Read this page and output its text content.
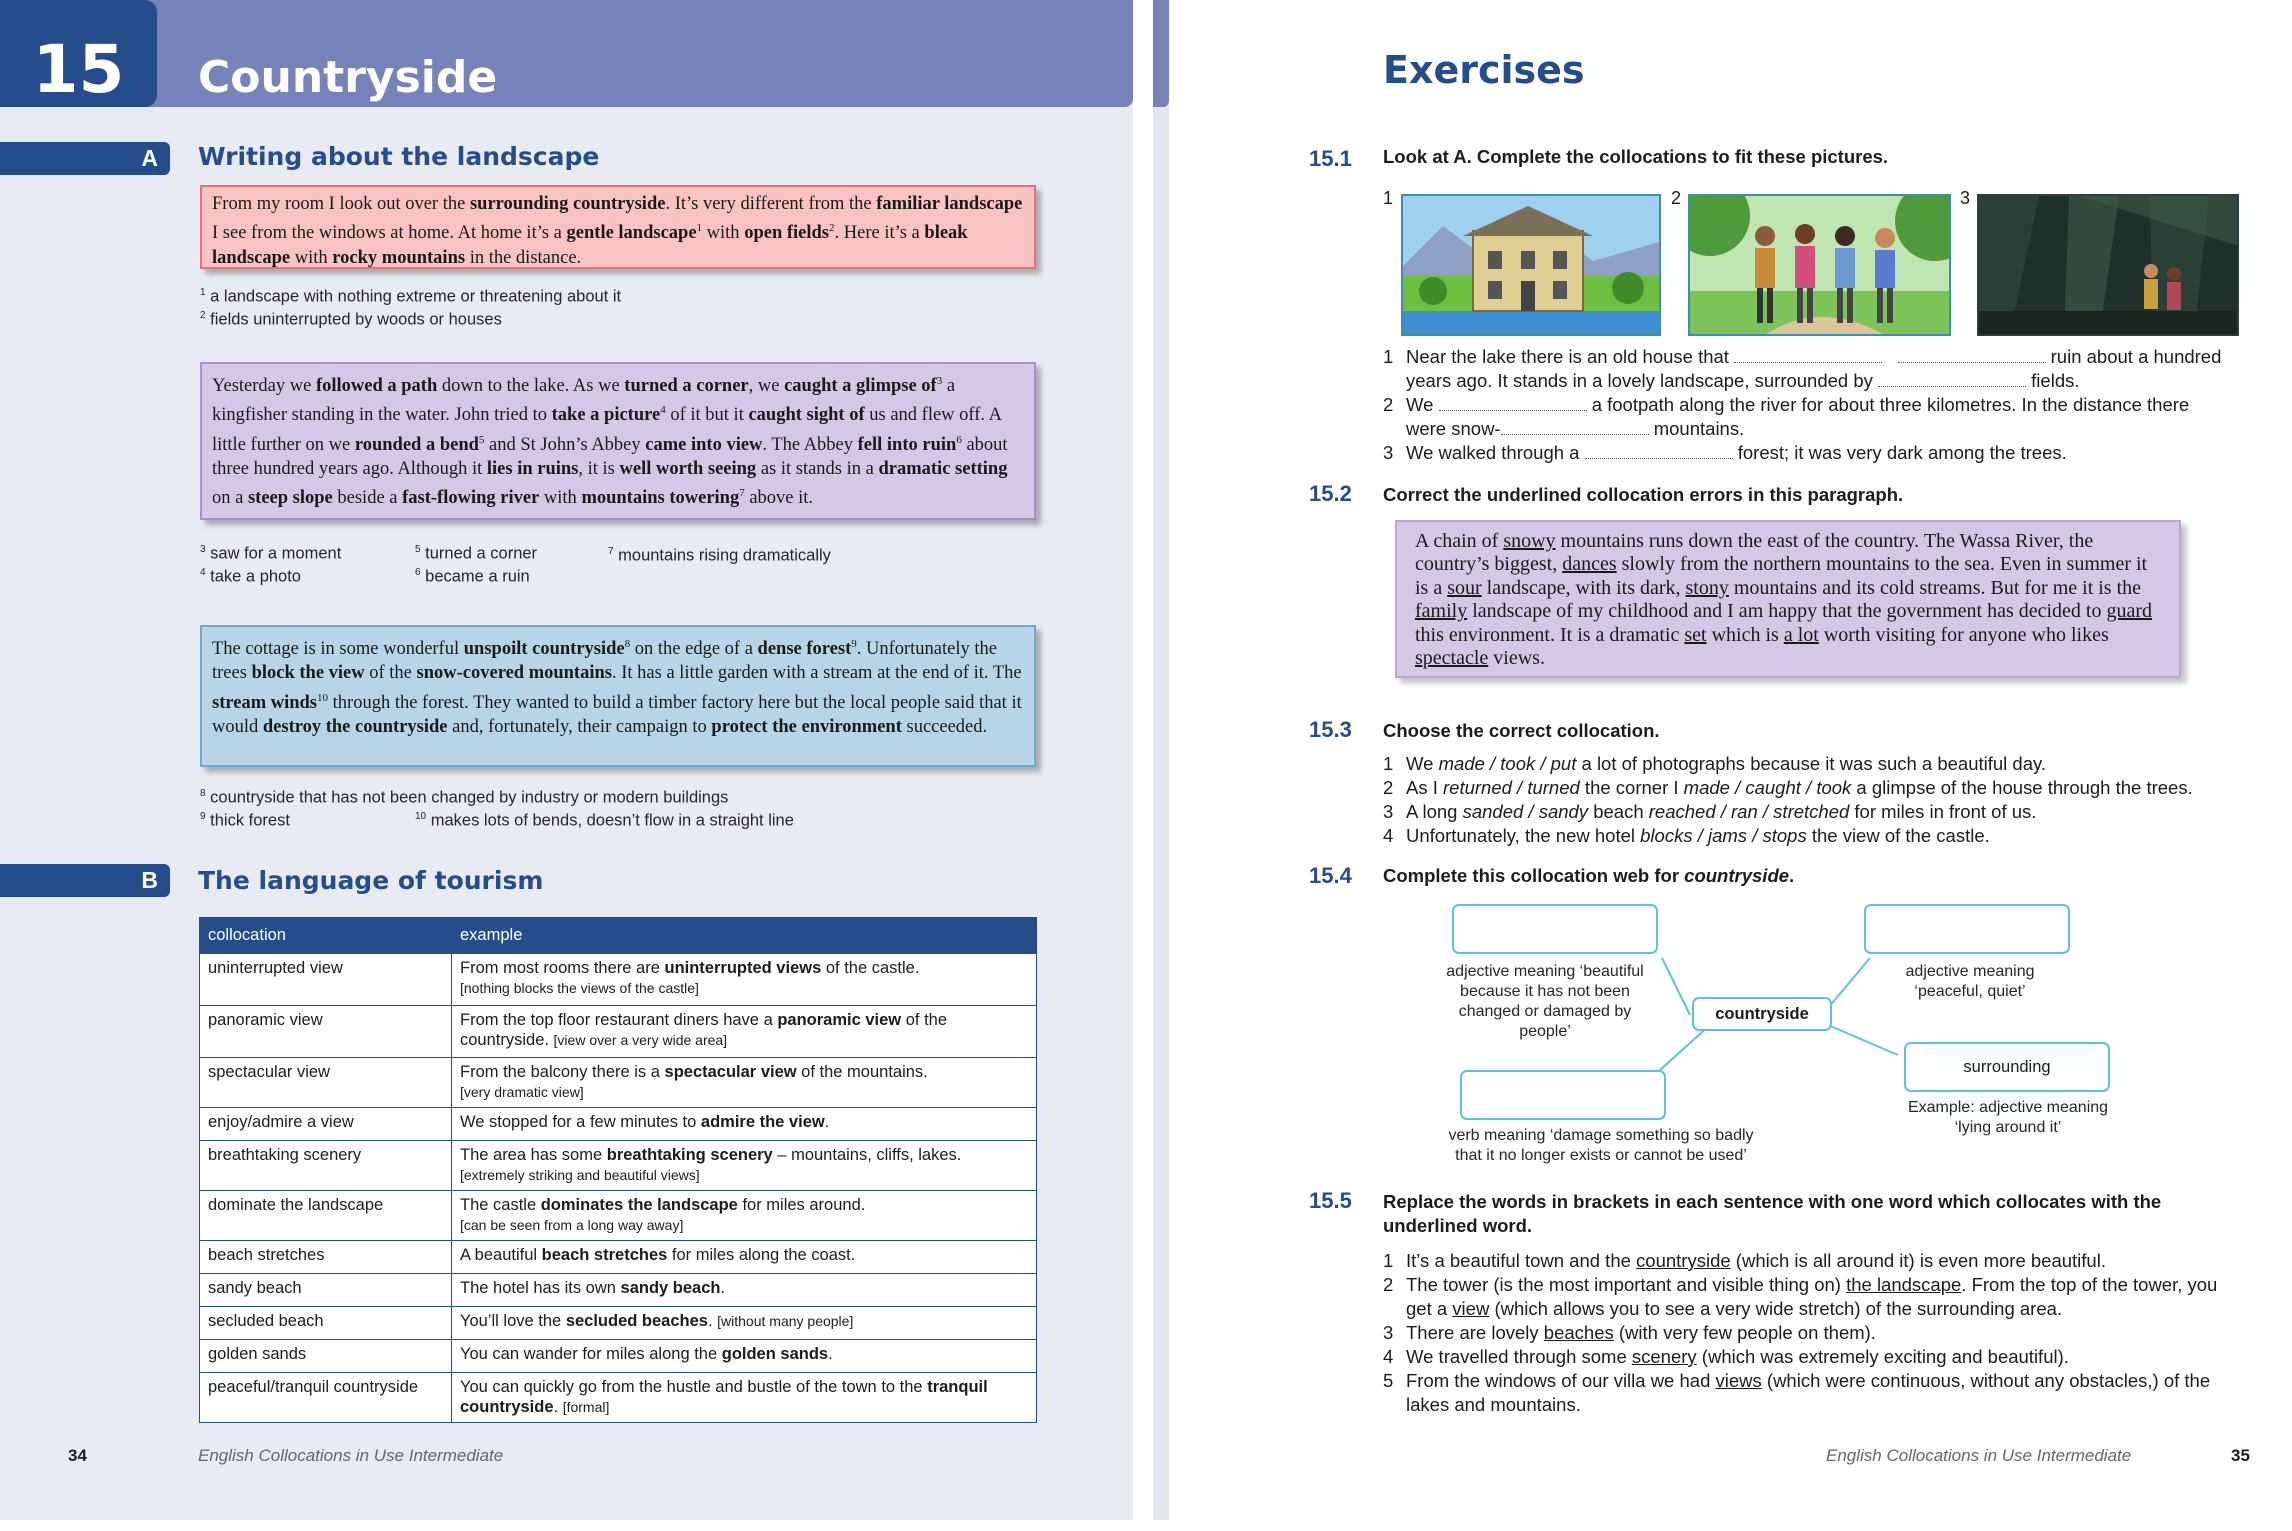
15	Countryside
A	Writing about the landscape
From my room I look out over the surrounding countryside. It’s very different from the familiar landscape I see from the windows at home. At home it’s a gentle landscape$^1$ with open fields$^2$. Here it’s a bleak landscape with rocky mountains in the distance.
$^1$ a landscape with nothing extreme or threatening about it
$^2$ fields uninterrupted by woods or houses
Yesterday we followed a path down to the lake. As we turned a corner, we caught a glimpse $of^3$ a kingfisher standing in the water. John tried to take a picture$^4$ of it but it caught sight of us and flew off. A little further on we rounded a bend$^5$ and St John’s Abbey came into view. The Abbey fell into ruin$^6$ about three hundred years ago. Although it lies in ruins, it is well worth seeing as it stands in a dramatic setting on a steep slope beside a fast-flowing river with mountains towering$^7$ above it.
$^3$ saw for a moment
$^4$ take a photo
$^5$ turned a corner
$^6$ became a ruin
$^7$ mountains rising dramatically
The cottage is in some wonderful unspoilt countryside$^8$ on the edge of a dense forest$^9$. Unfortunately the trees block the view of the snow-covered mountains. It has a little garden with a stream at the end of it. The stream winds$^{10}$ through the forest. They wanted to build a timber factory here but the local people said that it would destroy the countryside and, fortunately, their campaign to protect the environment succeeded.
$^8$ countryside that has not been changed by industry or modern buildings
$^9$ thick forest	$^{10}$ makes lots of bends, doesn’t flow in a straight line
B	The language of tourism
collocation	example
uninterrupted view	From most rooms there are uninterrupted views of the castle.
[nothing blocks the views of the castle]
panoramic view	From the top floor restaurant diners have a panoramic view of the countryside. [view over a very wide area]
spectacular view	From the balcony there is a spectacular view of the mountains.
[very dramatic view]
enjoy/admire a view	We stopped for a few minutes to admire the view.
breathtaking scenery	The area has some breathtaking scenery – mountains, cliffs, lakes.
[extremely striking and beautiful views]
dominate the landscape	The castle dominates the landscape for miles around.
[can be seen from a long way away]
beach stretches	A beautiful beach stretches for miles along the coast.
sandy beach	The hotel has its own sandy beach.
secluded beach	You’ll love the secluded beaches. [without many people]
golden sands	You can wander for miles along the golden sands.
peaceful/tranquil countryside	You can quickly go from the hustle and bustle of the town to the tranquil countryside. [formal]
34	English Collocations in Use Intermediate
Exercises
15.1 Look at A. Complete the collocations to fit these pictures.
1	2	3
1 Near the lake there is an old house that	ruin about a hundred years ago. It stands in a lovely landscape, surrounded by	fields.
2 We	a footpath along the river for about three kilometres. In the distance there were snow-	mountains.
3 We walked through a	forest; it was very dark among the trees.
15.2 Correct the underlined collocation errors in this paragraph.
A chain of snowy mountains runs down the east of the country. The Wassa River, the country’s biggest, dances slowly from the northern mountains to the sea. Even in summer it is a sour landscape, with its dark, stony mountains and its cold streams. But for me it is the family landscape of my childhood and I am happy that the government has decided to guard this environment. It is a dramatic set which is a lot worth visiting for anyone who likes spectacle views.
15.3 Choose the correct collocation.
1 We made / took / put a lot of photographs because it was such a beautiful day.
2 As I returned / turned the corner I made / caught / took a glimpse of the house through the trees.
3 A long sanded / sandy beach reached / ran / stretched for miles in front of us.
4 Unfortunately, the new hotel blocks / jams / stops the view of the castle.
15.4 Complete this collocation web for countryside.
countryside
surrounding
adjective meaning ‘beautiful because it has not been changed or damaged by people’
adjective meaning ‘peaceful, quiet’
verb meaning ‘damage something so badly that it no longer exists or cannot be used’
Example: adjective meaning ‘lying around it’
15.5 Replace the words in brackets in each sentence with one word which collocates with the underlined word.
1 It’s a beautiful town and the countryside (which is all around it) is even more beautiful.
2 The tower (is the most important and visible thing on) the landscape. From the top of the tower, you get a view (which allows you to see a very wide stretch) of the surrounding area.
3 There are lovely beaches (with very few people on them).
4 We travelled through some scenery (which was extremely exciting and beautiful).
5 From the windows of our villa we had views (which were continuous, without any obstacles,) of the lakes and mountains.
English Collocations in Use Intermediate	35
